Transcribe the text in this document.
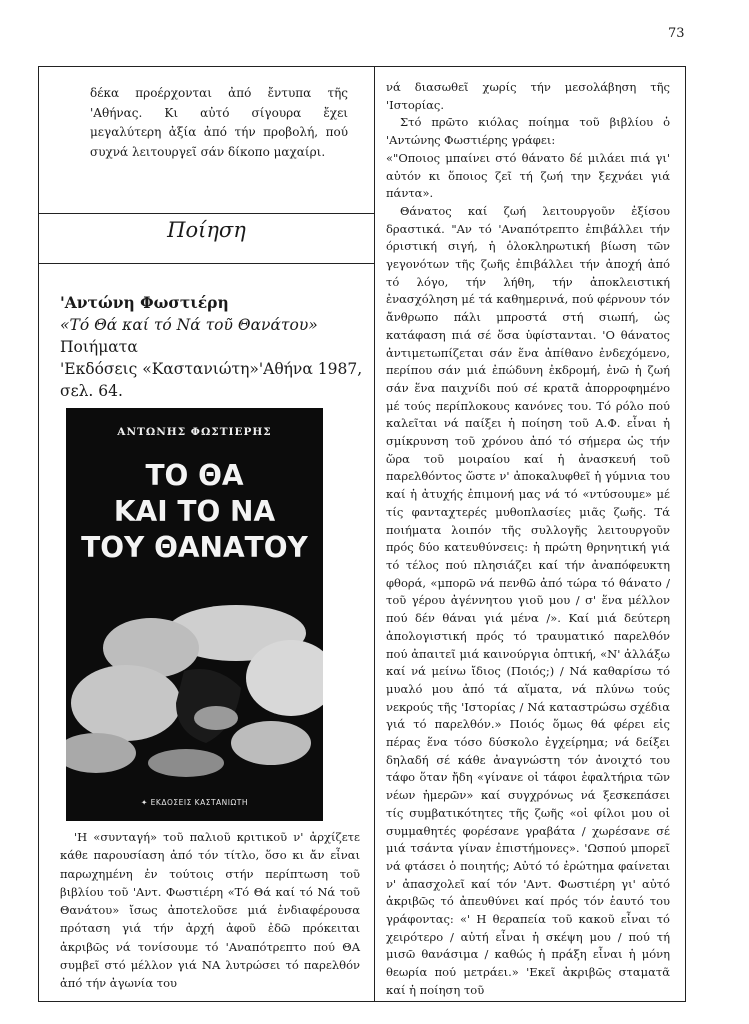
73
δέκα προέρχονται ἀπό ἔντυπα τῆς 'Αθήνας. Κι αὐτό σίγουρα ἔχει μεγαλύτερη ἀξία ἀπό τήν προβολή, πού συχνά λειτουργεῖ σάν δίκοπο μαχαίρι.
Ποίηση
'Αντώνη Φωστιέρη
«Τό Θά καί τό Νά τοῦ Θανάτου»
Ποιήματα
'Εκδόσεις «Καστανιώτη»'Αθήνα 1987,
σελ. 64.
ΑΝΤΩΝΗΣ ΦΩΣΤΙΕΡΗΣ
ΤΟ ΘΑ
ΚΑΙ ΤΟ ΝΑ
ΤΟΥ ΘΑΝΑΤΟΥ
✦ ΕΚΔΟΣΕΙΣ ΚΑΣΤΑΝΙΩΤΗ
'Η «συνταγή» τοῦ παλιοῦ κριτικοῦ ν' ἀρχίζετε κάθε παρουσίαση ἀπό τόν τίτλο, ὅσο κι ἄν εἶναι παρωχημένη ἐν τούτοις στήν περίπτωση τοῦ βιβλίου τοῦ 'Αντ. Φωστιέρη «Τό Θά καί τό Νά τοῦ Θανάτου» ἴσως ἀποτελοῦσε μιά ἐνδιαφέρουσα πρόταση γιά τήν ἀρχή ἀφοῦ ἐδῶ πρόκειται ἀκριβῶς νά τονίσουμε τό 'Αναπότρεπτο πού ΘΑ συμβεῖ στό μέλλον γιά ΝΑ λυτρώσει τό παρελθόν ἀπό τήν ἀγωνία του

νά διασωθεῖ χωρίς τήν μεσολάβηση τῆς 'Ιστορίας.

Στό πρῶτο κιόλας ποίημα τοῦ βιβλίου ὁ 'Αντώνης Φωστιέρης γράφει:

«"Οποιος μπαίνει στό θάνατο δέ μιλάει πιά γι' αὐτόν κι ὅποιος ζεῖ τή ζωή την ξεχνάει γιά πάντα».

Θάνατος καί ζωή λειτουργοῦν ἐξίσου δραστικά. "Αν τό 'Αναπότρεπτο ἐπιβάλλει τήν όριστική σιγή, ἡ ὁλοκληρωτική βίωση τῶν γεγονότων τῆς ζωῆς ἐπιβάλλει τήν ἀποχή ἀπό τό λόγο, τήν λήθη, τήν ἀποκλειστική ἐνασχόληση μέ τά καθημερινά, πού φέρνουν τόν ἄνθρωπο πάλι μπροστά στή σιωπή, ὡς κατάφαση πιά σέ ὅσα ὑφίστανται. 'Ο θάνατος ἀντιμετωπίζεται σάν ἕνα ἀπίθανο ἐνδεχόμενο, περίπου σάν μιά ἐπώδυνη ἐκδρομή, ἐνῶ ἡ ζωή σάν ἕνα παιχνίδι πού σέ κρατᾶ ἀπορροφημένο μέ τούς περίπλοκους κανόνες του. Τό ρόλο πού καλεῖται νά παίξει ἡ ποίηση τοῦ Α.Φ. εἶναι ἡ σμίκρυνση τοῦ χρόνου ἀπό τό σήμερα ὡς τήν ὥρα τοῦ μοιραίου καί ἡ ἀνασκευή τοῦ παρελθόντος ὥστε ν' ἀποκαλυφθεῖ ἡ γύμνια του καί ἡ ἀτυχής ἐπιμονή μας νά τό «ντύσουμε» μέ τίς φανταχτερές μυθοπλασίες μιᾶς ζωῆς. Τά ποιήματα λοιπόν τῆς συλλογῆς λειτουργοῦν πρός δύο κατευθύνσεις: ἡ πρώτη θρηνητική γιά τό τέλος πού πλησιάζει καί τήν ἀναπόφευκτη φθορά, «μπορῶ νά πενθῶ ἀπό τώρα τό θάνατο / τοῦ γέρου ἀγέννητου γιοῦ μου / σ' ἕνα μέλλον πού δέν θάναι γιά μένα /». Καί μιά δεύτερη ἀπολογιστική πρός τό τραυματικό παρελθόν πού ἀπαιτεῖ μιά καινούργια ὀπτική, «Ν' ἀλλάξω καί νά μείνω ἴδιος (Ποιός;) / Νά καθαρίσω τό μυαλό μου ἀπό τά αἵματα, νά πλύνω τούς νεκρούς τῆς 'Ιστορίας / Νά καταστρώσω σχέδια γιά τό παρελθόν.» Ποιός ὅμως θά φέρει εἰς πέρας ἕνα τόσο δύσκολο ἐγχείρημα; νά δείξει δηλαδή σέ κάθε ἀναγνώστη τόν ἀνοιχτό του τάφο ὅταν ἤδη «γίνανε οἱ τάφοι ἐφαλτήρια τῶν νέων ἡμερῶν» καί συγχρόνως νά ξεσκεπάσει τίς συμβατικότητες τῆς ζωῆς «οἱ φίλοι μου οἱ συμμαθητές φορέσανε γραβάτα / χωρέσανε σέ μιά τσάντα γίναν ἐπιστήμονες». 'Ωσπού μπορεῖ νά φτάσει ὁ ποιητής; Αὐτό τό ἐρώτημα φαίνεται ν' ἀπασχολεῖ καί τόν 'Αντ. Φωστιέρη γι' αὐτό ἀκριβῶς τό ἀπευθύνει καί πρός τόν ἑαυτό του γράφοντας: «' Η θεραπεία τοῦ κακοῦ εἶναι τό χειρότερο / αὐτή εἶναι ἡ σκέψη μου / πού τή μισῶ θανάσιμα / καθώς ἡ πράξη εἶναι ἡ μόνη θεωρία πού μετράει.» 'Εκεῖ ἀκριβῶς σταματᾶ καί ἡ ποίηση τοῦ
